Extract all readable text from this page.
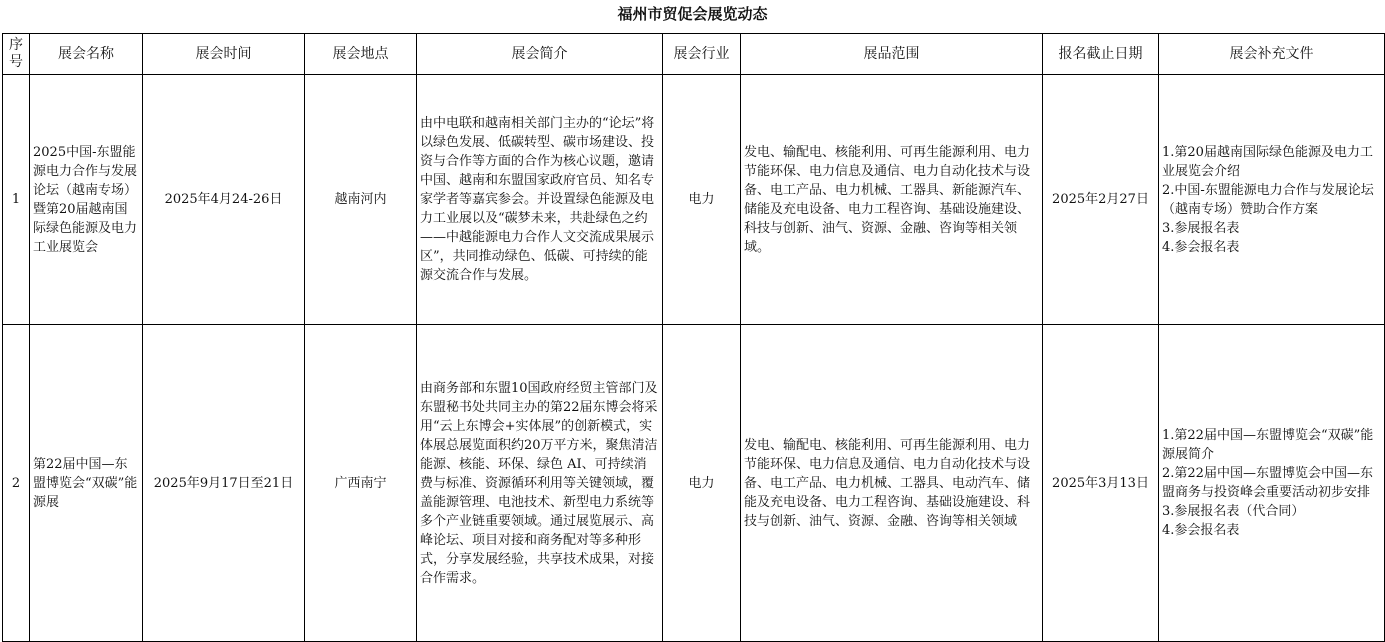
福州市贸促会展览动态
序号	展会名称	展会时间	展会地点	展会简介	展会行业	展品范围	报名截止日期	展会补充文件
1	2025中国-东盟能源电力合作与发展论坛（越南专场）暨第20届越南国际绿色能源及电力工业展览会	2025年4月24-26日	越南河内	由中电联和越南相关部门主办的“论坛”将以绿色发展、低碳转型、碳市场建设、投资与合作等方面的合作为核心议题，邀请中国、越南和东盟国家政府官员、知名专家学者等嘉宾参会。并设置绿色能源及电力工业展以及“碳梦未来，共赴绿色之约——中越能源电力合作人文交流成果展示区”，共同推动绿色、低碳、可持续的能源交流合作与发展。	电力	发电、输配电、核能利用、可再生能源利用、电力节能环保、电力信息及通信、电力自动化技术与设备、电工产品、电力机械、工器具、新能源汽车、储能及充电设备、电力工程咨询、基础设施建设、科技与创新、油气、资源、金融、咨询等相关领域。	2025年2月27日	1.第20届越南国际绿色能源及电力工业展览会介绍
2.中国-东盟能源电力合作与发展论坛（越南专场）赞助合作方案
3.参展报名表
4.参会报名表
2	第22届中国—东盟博览会“双碳”能源展	2025年9月17日至21日	广西南宁	由商务部和东盟10国政府经贸主管部门及东盟秘书处共同主办的第22届东博会将采用“云上东博会+实体展”的创新模式，实体展总展览面积约20万平方米，聚焦清洁能源、核能、环保、绿色 AI、可持续消费与标准、资源循环利用等关键领域，覆盖能源管理、电池技术、新型电力系统等多个产业链重要领域。通过展览展示、高峰论坛、项目对接和商务配对等多种形式，分享发展经验，共享技术成果，对接合作需求。	电力	发电、输配电、核能利用、可再生能源利用、电力节能环保、电力信息及通信、电力自动化技术与设备、电工产品、电力机械、工器具、电动汽车、储能及充电设备、电力工程咨询、基础设施建设、科技与创新、油气、资源、金融、咨询等相关领域	2025年3月13日	1.第22届中国—东盟博览会“双碳”能源展简介
2.第22届中国—东盟博览会中国—东盟商务与投资峰会重要活动初步安排
3.参展报名表（代合同）
4.参会报名表
